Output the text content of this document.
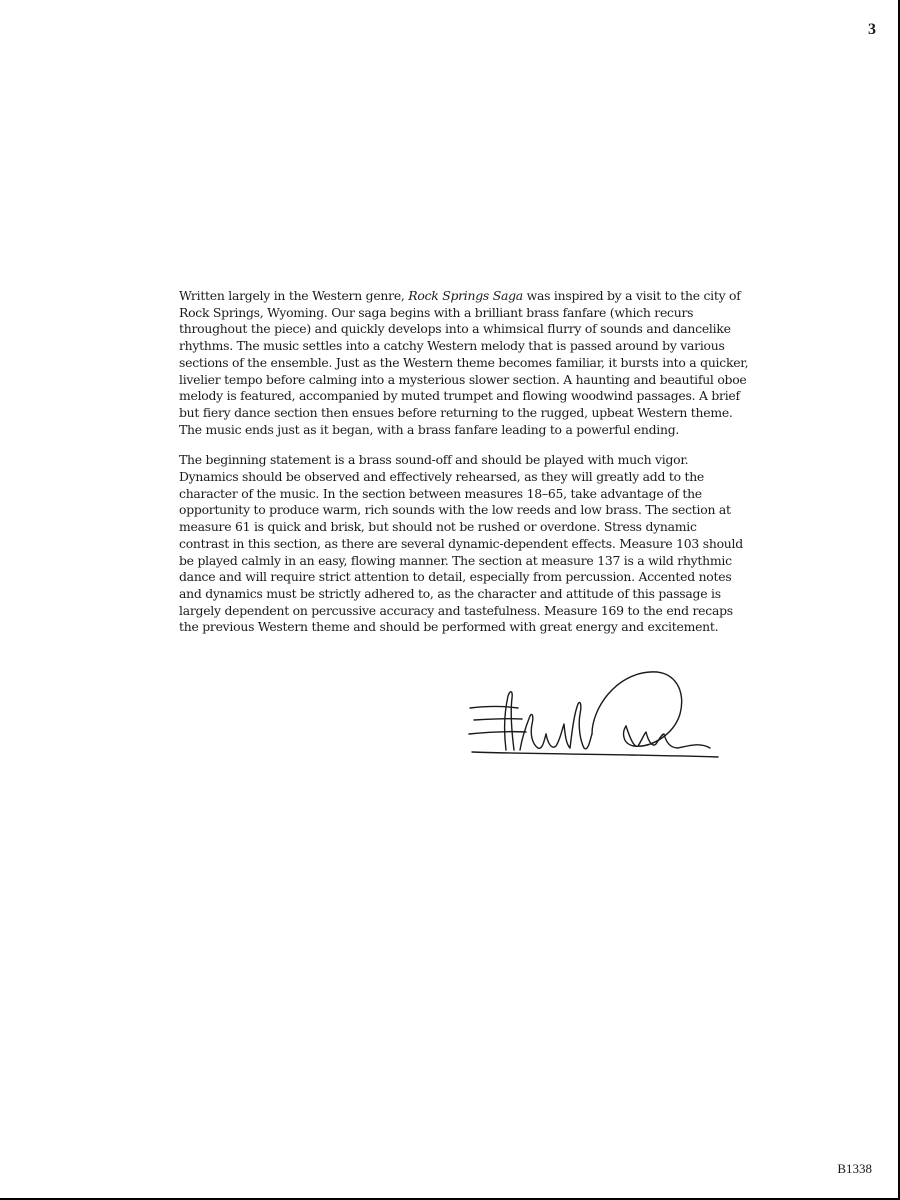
3

Written largely in the Western genre, Rock Springs Saga was inspired by a visit to the city of Rock Springs, Wyoming. Our saga begins with a brilliant brass fanfare (which recurs throughout the piece) and quickly develops into a whimsical flurry of sounds and dancelike rhythms. The music settles into a catchy Western melody that is passed around by various sections of the ensemble. Just as the Western theme becomes familiar, it bursts into a quicker, livelier tempo before calming into a mysterious slower section. A haunting and beautiful oboe melody is featured, accompanied by muted trumpet and flowing woodwind passages. A brief but fiery dance section then ensues before returning to the rugged, upbeat Western theme. The music ends just as it began, with a brass fanfare leading to a powerful ending.

The beginning statement is a brass sound-off and should be played with much vigor. Dynamics should be observed and effectively rehearsed, as they will greatly add to the character of the music. In the section between measures 18–65, take advantage of the opportunity to produce warm, rich sounds with the low reeds and low brass. The section at measure 61 is quick and brisk, but should not be rushed or overdone. Stress dynamic contrast in this section, as there are several dynamic-dependent effects. Measure 103 should be played calmly in an easy, flowing manner. The section at measure 137 is a wild rhythmic dance and will require strict attention to detail, especially from percussion. Accented notes and dynamics must be strictly adhered to, as the character and attitude of this passage is largely dependent on percussive accuracy and tastefulness. Measure 169 to the end recaps the previous Western theme and should be performed with great energy and excitement.

B1338
